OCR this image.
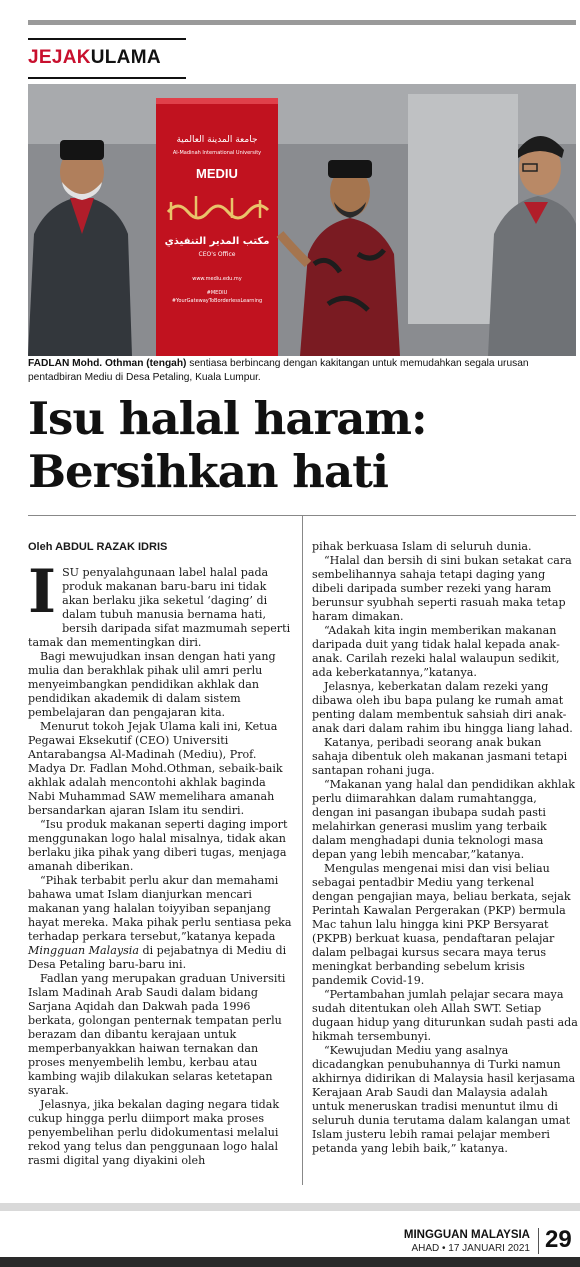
JEJAKULAMA
جامعة المدينة العالمية
Al-Madinah International University
MEDIU
مكتب المدير التنفيذي
CEO's Office
www.mediu.edu.my
#MEDIU
#YourGatewayToBorderlessLearning
FADLAN Mohd. Othman (tengah) sentiasa berbincang dengan kakitangan untuk memudahkan segala urusan pentadbiran Mediu di Desa Petaling, Kuala Lumpur.
Isu halal haram:
Bersihkan hati
Oleh ABDUL RAZAK IDRIS

ISU penyalahgunaan label halal pada produk makanan baru-baru ini tidak akan berlaku jika seketul ‘daging’ di dalam tubuh manusia bernama hati, bersih daripada sifat mazmumah seperti tamak dan mementingkan diri.

Bagi mewujudkan insan dengan hati yang mulia dan berakhlak pihak ulil amri perlu menyeimbangkan pendidikan akhlak dan pendidikan akademik di dalam sistem pembelajaran dan pengajaran kita.

Menurut tokoh Jejak Ulama kali ini, Ketua Pegawai Eksekutif (CEO) Universiti Antarabangsa Al-Madinah (Mediu), Prof. Madya Dr. Fadlan Mohd.Othman, sebaik-baik akhlak adalah mencontohi akhlak baginda Nabi Muhammad SAW memelihara amanah bersandarkan ajaran Islam itu sendiri.

“Isu produk makanan seperti daging import menggunakan logo halal misalnya, tidak akan berlaku jika pihak yang diberi tugas, menjaga amanah diberikan.

“Pihak terbabit perlu akur dan memahami bahawa umat Islam dianjurkan mencari makanan yang halalan toiyyiban sepanjang hayat mereka. Maka pihak perlu sentiasa peka terhadap perkara tersebut,”katanya kepada Mingguan Malaysia di pejabatnya di Mediu di Desa Petaling baru-baru ini.

Fadlan yang merupakan graduan Universiti Islam Madinah Arab Saudi dalam bidang Sarjana Aqidah dan Dakwah pada 1996 berkata, golongan penternak tempatan perlu berazam dan dibantu kerajaan untuk memperbanyakkan haiwan ternakan dan proses menyembelih lembu, kerbau atau kambing wajib dilakukan selaras ketetapan syarak.

Jelasnya, jika bekalan daging negara tidak cukup hingga perlu diimport maka proses penyembelihan perlu didokumentasi melalui rekod yang telus dan penggunaan logo halal rasmi digital yang diyakini oleh

pihak berkuasa Islam di seluruh dunia.

“Halal dan bersih di sini bukan setakat cara sembelihannya sahaja tetapi daging yang dibeli daripada sumber rezeki yang haram berunsur syubhah seperti rasuah maka tetap haram dimakan.

“Adakah kita ingin memberikan makanan daripada duit yang tidak halal kepada anak-anak. Carilah rezeki halal walaupun sedikit, ada keberkatannya,”katanya.

Jelasnya, keberkatan dalam rezeki yang dibawa oleh ibu bapa pulang ke rumah amat penting dalam membentuk sahsiah diri anak-anak dari dalam rahim ibu hingga liang lahad.

Katanya, peribadi seorang anak bukan sahaja dibentuk oleh makanan jasmani tetapi santapan rohani juga.

“Makanan yang halal dan pendidikan akhlak perlu diimarahkan dalam rumahtangga, dengan ini pasangan ibubapa sudah pasti melahirkan generasi muslim yang terbaik dalam menghadapi dunia teknologi masa depan yang lebih mencabar,”katanya.

Mengulas mengenai misi dan visi beliau sebagai pentadbir Mediu yang terkenal dengan pengajian maya, beliau berkata, sejak Perintah Kawalan Pergerakan (PKP) bermula Mac tahun lalu hingga kini PKP Bersyarat (PKPB) berkuat kuasa, pendaftaran pelajar dalam pelbagai kursus secara maya terus meningkat berbanding sebelum krisis pandemik Covid-19.

“Pertambahan jumlah pelajar secara maya sudah ditentukan oleh Allah SWT. Setiap dugaan hidup yang diturunkan sudah pasti ada hikmah tersembunyi.

“Kewujudan Mediu yang asalnya dicadangkan penubuhannya di Turki namun akhirnya didirikan di Malaysia hasil kerjasama Kerajaan Arab Saudi dan Malaysia adalah untuk meneruskan tradisi menuntut ilmu di seluruh dunia terutama dalam kalangan umat Islam justeru lebih ramai pelajar memberi petanda yang lebih baik,” katanya.

MINGGUAN MALAYSIA
AHAD • 17 JANUARI 2021 29
